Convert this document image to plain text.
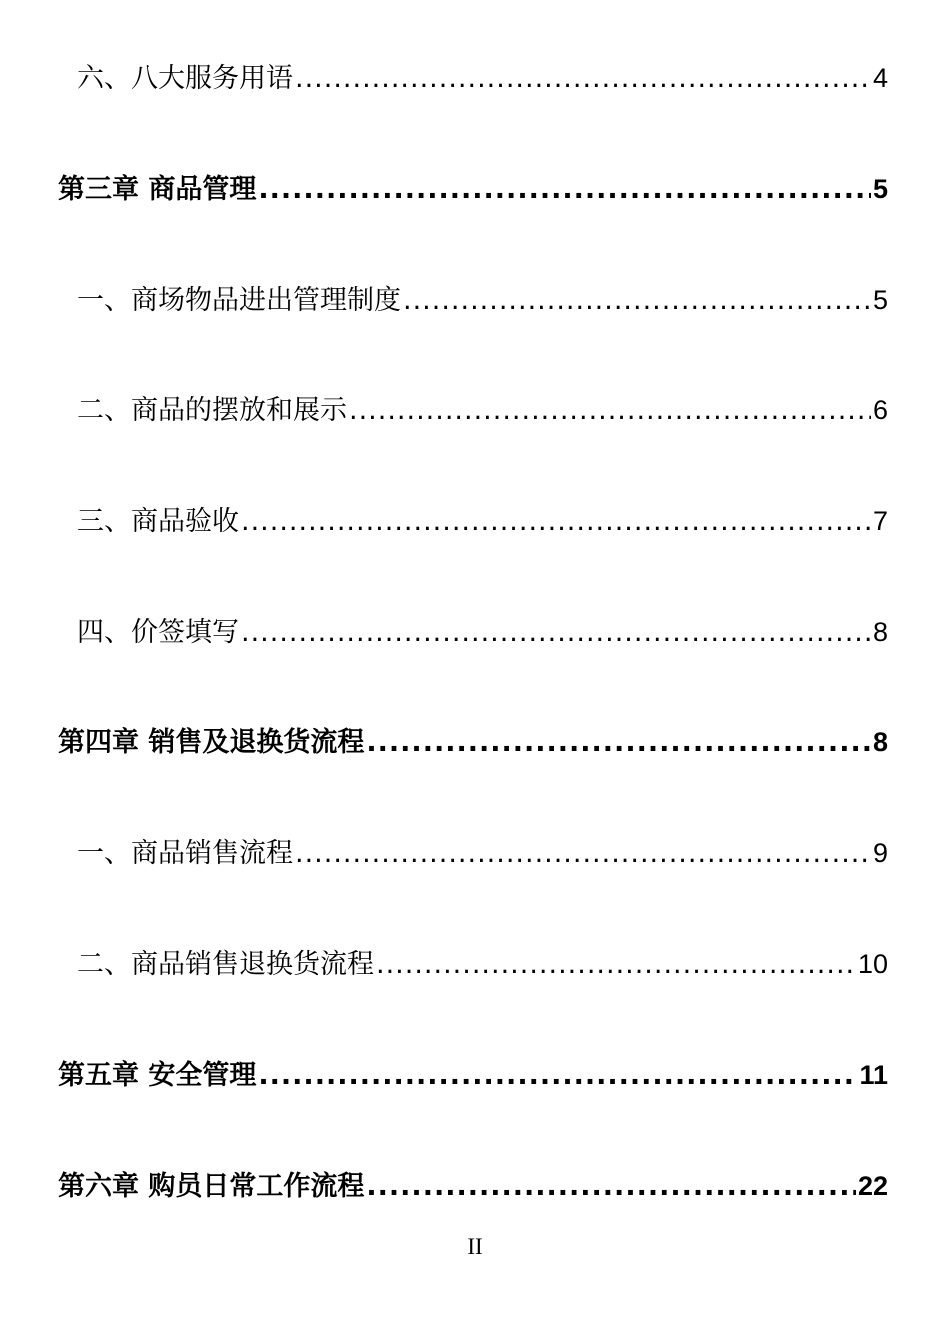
六、八大服务用语 .....	4
第三章 商品管理 .....	5
一、商场物品进出管理制度 .....	5
二、商品的摆放和展示 .....	6
三、商品验收 .....	7
四、价签填写 .....	8
第四章 销售及退换货流程 .....	8
一、商品销售流程 .....	9
二、商品销售退换货流程 .....	10
第五章 安全管理 .....	11
第六章 购员日常工作流程 .....	22
II
